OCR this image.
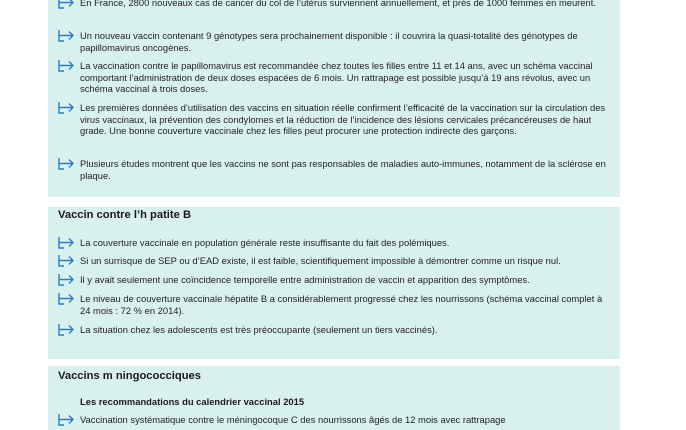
En France, 2800 nouveaux cas de cancer du col de l’utérus surviennent annuellement, et près de 1000 femmes en meurent.
Un nouveau vaccin contenant 9 génotypes sera prochainement disponible : il couvrira la quasi-totalité des génotypes de papillomavirus oncogènes.
La vaccination contre le papillomavirus est recommandée chez toutes les filles entre 11 et 14 ans, avec un schéma vaccinal comportant l’administration de deux doses espacées de 6 mois. Un rattrapage est possible jusqu’à 19 ans révolus, avec un schéma vaccinal à trois doses.
Les premières données d’utilisation des vaccins en situation réelle confirment l’efficacité de la vaccination sur la circulation des virus vaccinaux, la prévention des condylomes et la réduction de l’incidence des lésions cervicales précancéreuses de haut grade. Une bonne couverture vaccinale chez les filles peut procurer une protection indirecte des garçons.
Plusieurs études montrent que les vaccins ne sont pas responsables de maladies auto-immunes, notamment de la sclérose en plaque.
Vaccin contre l’h patite B
La couverture vaccinale en population générale reste insuffisante du fait des polémiques.
Si un surrisque de SEP ou d’EAD existe, il est faible, scientifiquement impossible à démontrer comme un risque nul.
Il y avait seulement une coïncidence temporelle entre administration de vaccin et apparition des symptômes.
Le niveau de couverture vaccinale hépatite B a considérablement progressé chez les nourrissons (schéma vaccinal complet à 24 mois : 72 % en 2014).
La situation chez les adolescents est très préoccupante (seulement un tiers vaccinés).
Vaccins m ningococciques
Les recommandations du calendrier vaccinal 2015
Vaccination systématique contre le méningocoque C des nourrissons âgés de 12 mois avec rattrapage
